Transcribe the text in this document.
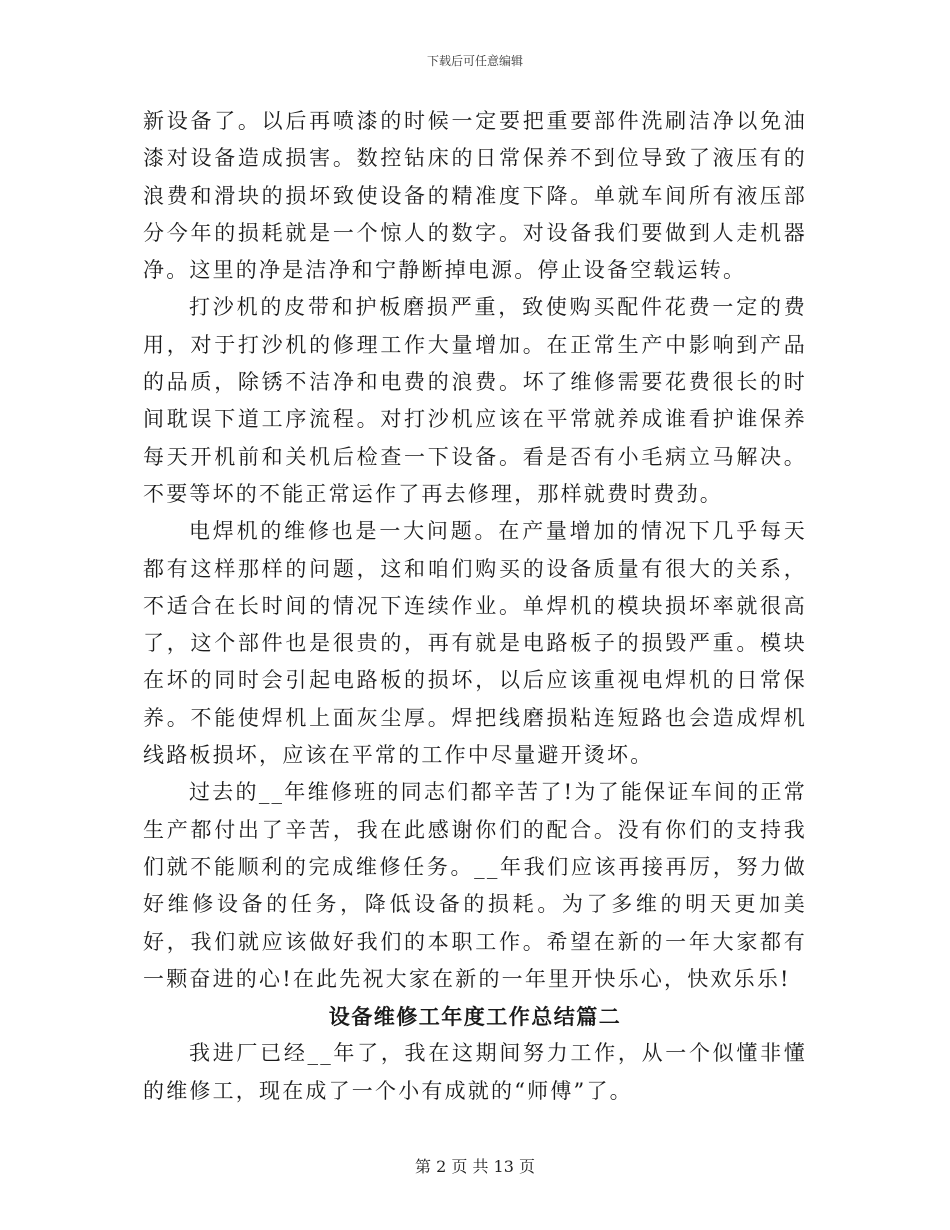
下载后可任意编辑

新设备了。以后再喷漆的时候一定要把重要部件洗刷洁净以免油漆对设备造成损害。数控钻床的日常保养不到位导致了液压有的浪费和滑块的损坏致使设备的精准度下降。单就车间所有液压部分今年的损耗就是一个惊人的数字。对设备我们要做到人走机器净。这里的净是洁净和宁静断掉电源。停止设备空载运转。

打沙机的皮带和护板磨损严重，致使购买配件花费一定的费用，对于打沙机的修理工作大量增加。在正常生产中影响到产品的品质，除锈不洁净和电费的浪费。坏了维修需要花费很长的时间耽误下道工序流程。对打沙机应该在平常就养成谁看护谁保养每天开机前和关机后检查一下设备。看是否有小毛病立马解决。不要等坏的不能正常运作了再去修理，那样就费时费劲。

电焊机的维修也是一大问题。在产量增加的情况下几乎每天都有这样那样的问题，这和咱们购买的设备质量有很大的关系，不适合在长时间的情况下连续作业。单焊机的模块损坏率就很高了，这个部件也是很贵的，再有就是电路板子的损毁严重。模块在坏的同时会引起电路板的损坏，以后应该重视电焊机的日常保养。不能使焊机上面灰尘厚。焊把线磨损粘连短路也会造成焊机线路板损坏，应该在平常的工作中尽量避开烫坏。

过去的__年维修班的同志们都辛苦了!为了能保证车间的正常生产都付出了辛苦，我在此感谢你们的配合。没有你们的支持我们就不能顺利的完成维修任务。__年我们应该再接再厉，努力做好维修设备的任务，降低设备的损耗。为了多维的明天更加美好，我们就应该做好我们的本职工作。希望在新的一年大家都有一颗奋进的心!在此先祝大家在新的一年里开快乐心，快欢乐乐!

设备维修工年度工作总结篇二

我进厂已经__年了，我在这期间努力工作，从一个似懂非懂的维修工，现在成了一个小有成就的“师傅”了。

第 2 页 共 13 页
